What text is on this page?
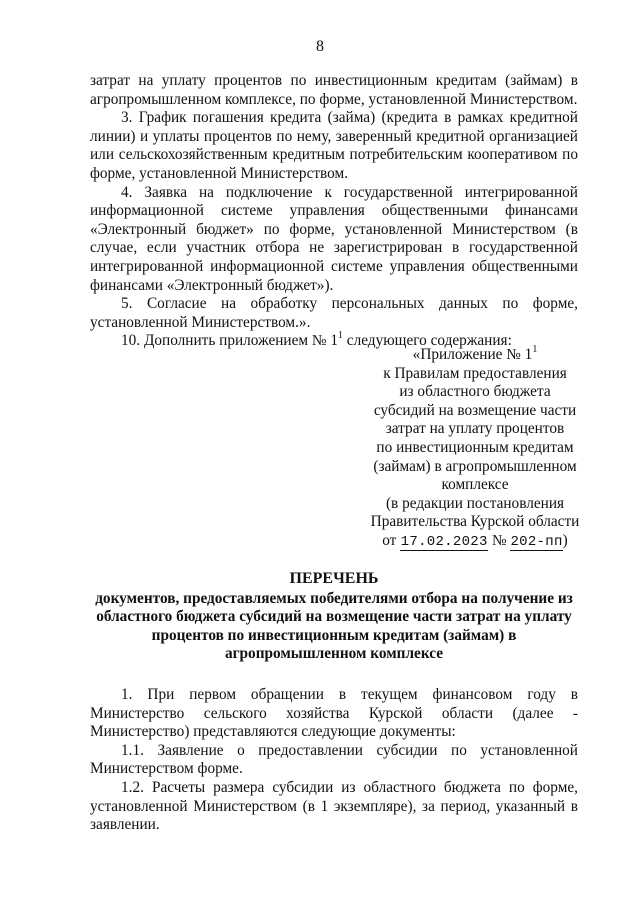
8

затрат на уплату процентов по инвестиционным кредитам (займам) в агропромышленном комплексе, по форме, установленной Министерством.

3. График погашения кредита (займа) (кредита в рамках кредитной линии) и уплаты процентов по нему, заверенный кредитной организацией или сельскохозяйственным кредитным потребительским кооперативом по форме, установленной Министерством.

4. Заявка на подключение к государственной интегрированной информационной системе управления общественными финансами «Электронный бюджет» по форме, установленной Министерством (в случае, если участник отбора не зарегистрирован в государственной интегрированной информационной системе управления общественными финансами «Электронный бюджет»).

5. Согласие на обработку персональных данных по форме, установленной Министерством.».

10. Дополнить приложением № $1^1$ следующего содержания:

«Приложение № $1^1$
к Правилам предоставления
из областного бюджета
субсидий на возмещение части
затрат на уплату процентов
по инвестиционным кредитам
(займам) в агропромышленном
комплексе
(в редакции постановления
Правительства Курской области
от 17.02.2023 № 202-пп)
ПЕРЕЧЕНЬ
документов, предоставляемых победителями отбора на получение из областного бюджета субсидий на возмещение части затрат на уплату процентов по инвестиционным кредитам (займам) в агропромышленном комплексе

1. При первом обращении в текущем финансовом году в Министерство сельского хозяйства Курской области (далее - Министерство) представляются следующие документы:

1.1. Заявление о предоставлении субсидии по установленной Министерством форме.

1.2. Расчеты размера субсидии из областного бюджета по форме, установленной Министерством (в 1 экземпляре), за период, указанный в заявлении.
